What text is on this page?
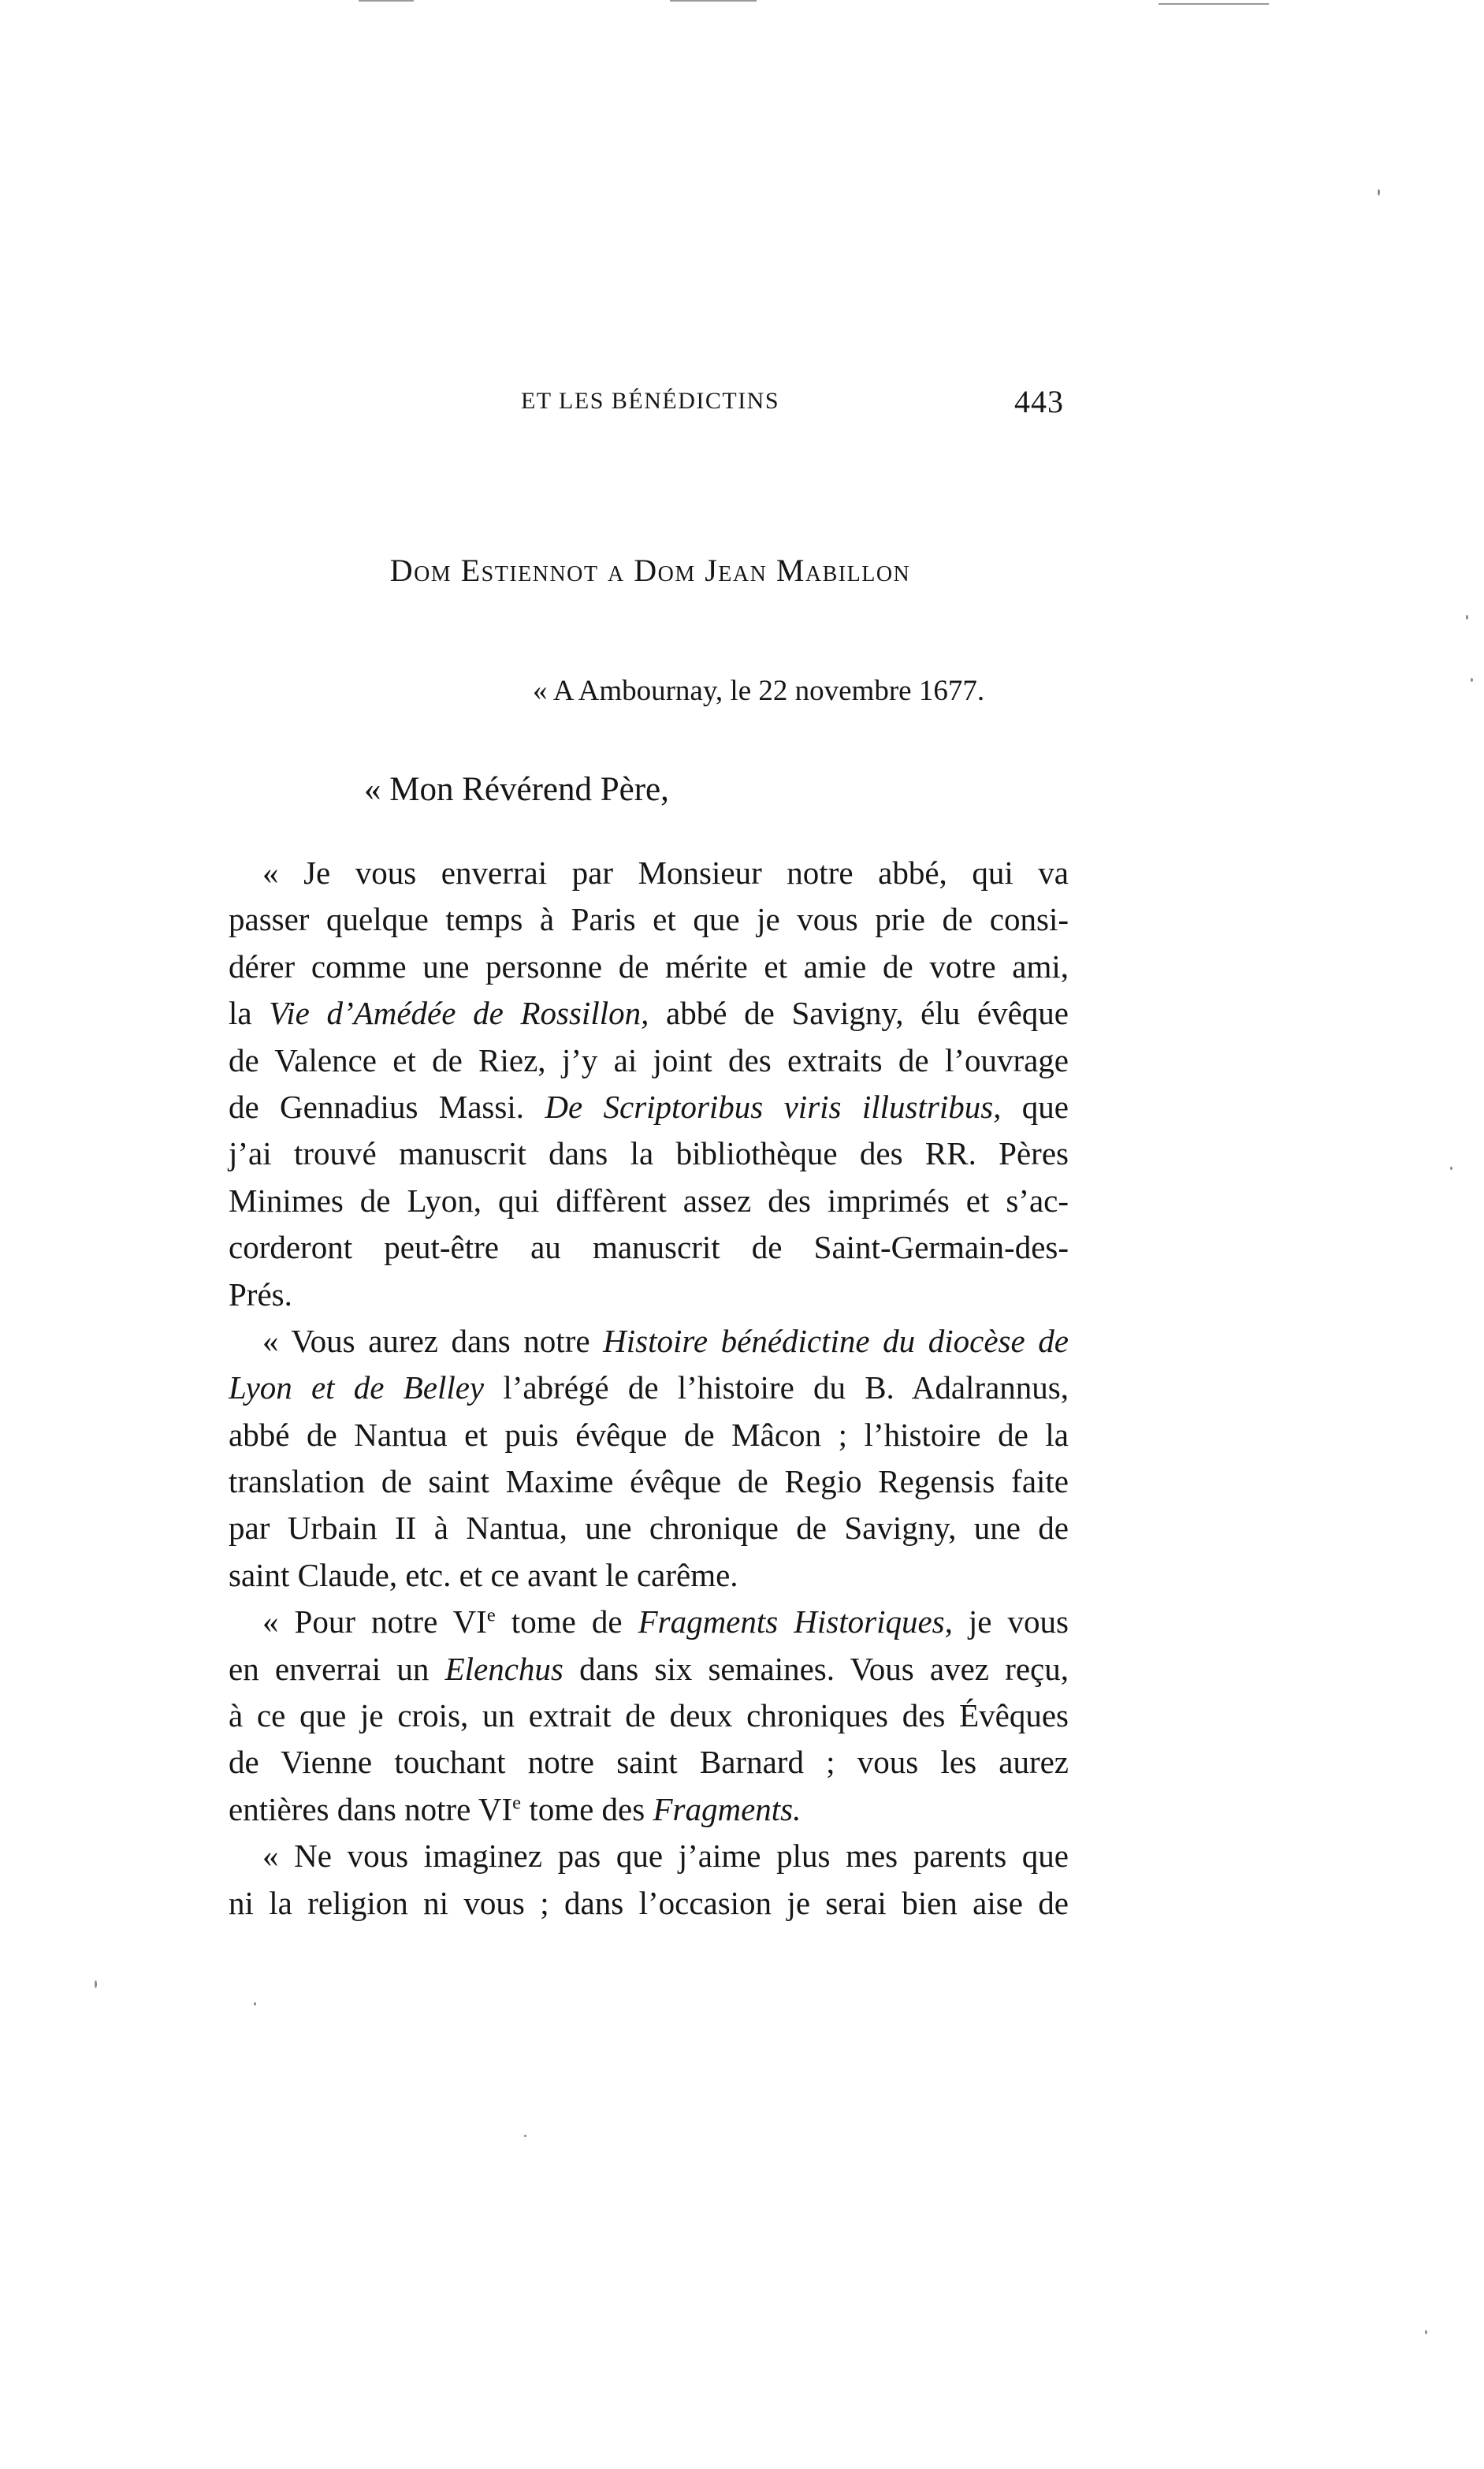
ET LES BÉNÉDICTINS	443
Dom Estiennot a Dom Jean Mabillon
« A Ambournay, le 22 novembre 1677.
« Mon Révérend Père,
« Je vous enverrai par Monsieur notre abbé, qui va
passer quelque temps à Paris et que je vous prie de consi-
dérer comme une personne de mérite et amie de votre ami,
la Vie d’Amédée de Rossillon, abbé de Savigny, élu évêque
de Valence et de Riez, j’y ai joint des extraits de l’ouvrage
de Gennadius Massi. De Scriptoribus viris illustribus, que
j’ai trouvé manuscrit dans la bibliothèque des RR. Pères
Minimes de Lyon, qui diffèrent assez des imprimés et s’ac-
corderont peut-être au manuscrit de Saint-Germain-des-
Prés.
« Vous aurez dans notre Histoire bénédictine du diocèse de
Lyon et de Belley l’abrégé de l’histoire du B. Adalrannus,
abbé de Nantua et puis évêque de Mâcon ; l’histoire de la
translation de saint Maxime évêque de Regio Regensis faite
par Urbain II à Nantua, une chronique de Savigny, une de
saint Claude, etc. et ce avant le carême.
« Pour notre VIe tome de Fragments Historiques, je vous
en enverrai un Elenchus dans six semaines. Vous avez reçu,
à ce que je crois, un extrait de deux chroniques des Évêques
de Vienne touchant notre saint Barnard ; vous les aurez
entières dans notre VIe tome des Fragments.
« Ne vous imaginez pas que j’aime plus mes parents que
ni la religion ni vous ; dans l’occasion je serai bien aise de
